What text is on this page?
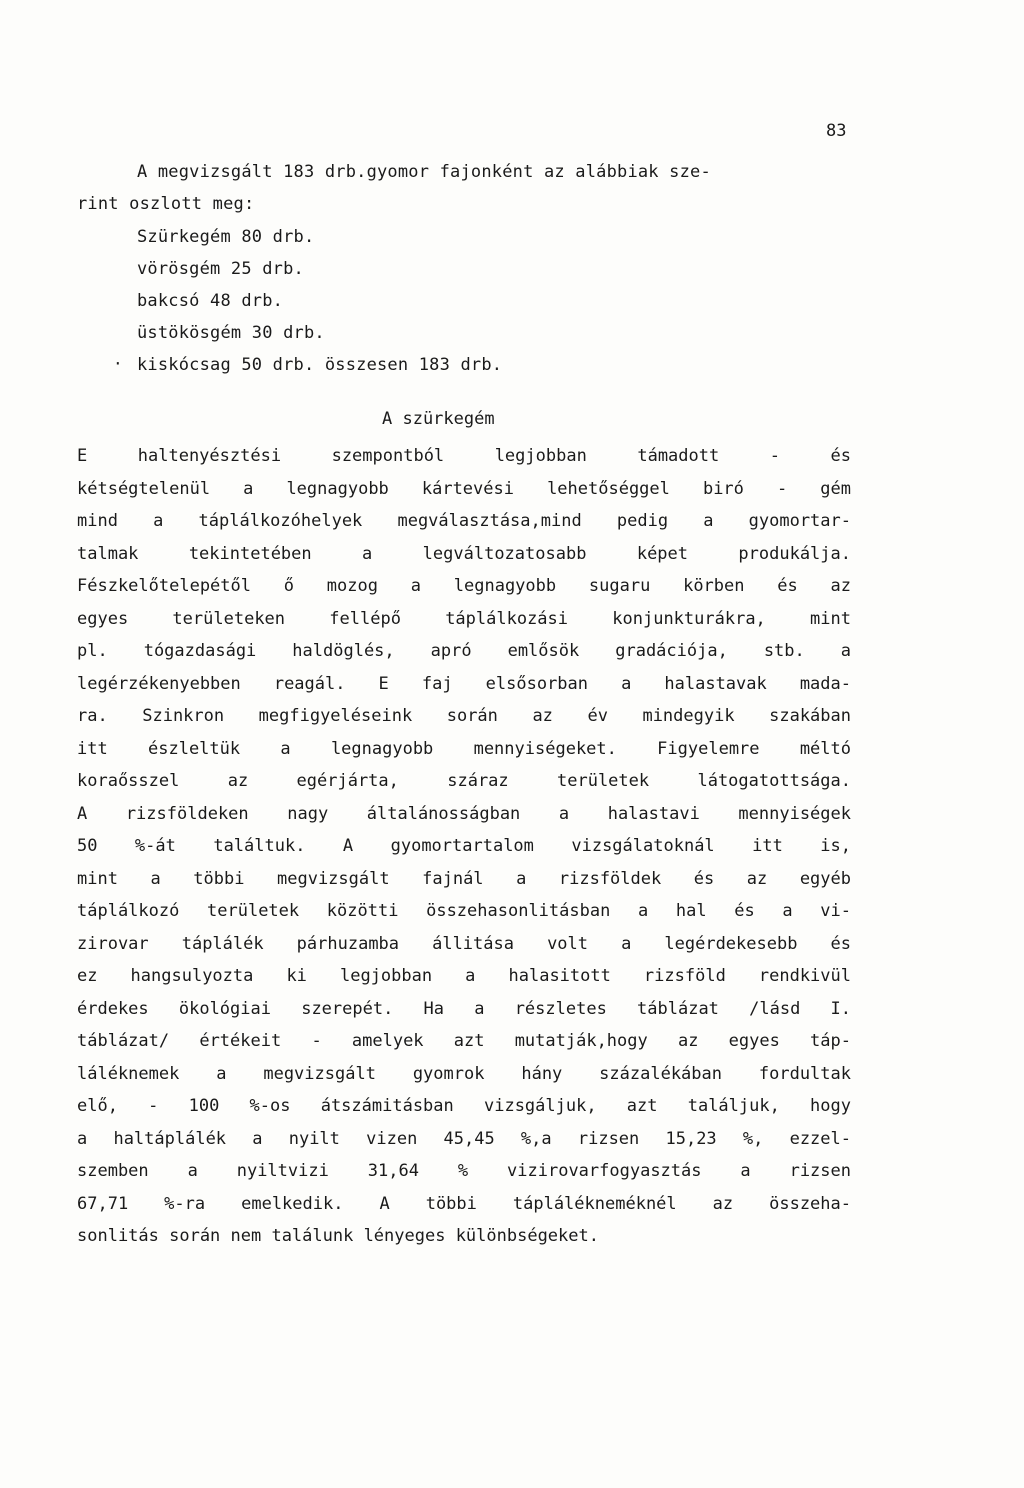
83
A megvizsgált 183 drb.gyomor fajonként az alábbiak sze-
rint oszlott meg:
Szürkegém 80 drb.
vörösgém 25 drb.
bakcsó 48 drb.
üstökösgém 30 drb.
kiskócsag 50 drb. összesen 183 drb.
·
A szürkegém
E haltenyésztési szempontból legjobban támadott - és
kétségtelenül a legnagyobb kártevési lehetőséggel biró - gém
mind a táplálkozóhelyek megválasztása,mind pedig a gyomortar-
talmak tekintetében a legváltozatosabb képet produkálja.
Fészkelőtelepétől ő mozog a legnagyobb sugaru körben és az
egyes területeken fellépő táplálkozási konjunkturákra, mint
pl. tógazdasági haldöglés, apró emlősök gradációja, stb. a
legérzékenyebben reagál. E faj elsősorban a halastavak mada-
ra. Szinkron megfigyeléseink során az év mindegyik szakában
itt észleltük a legnagyobb mennyiségeket. Figyelemre méltó
koraősszel az egérjárta, száraz területek látogatottsága.
A rizsföldeken nagy általánosságban a halastavi mennyiségek
50 %-át találtuk. A gyomortartalom vizsgálatoknál itt is,
mint a többi megvizsgált fajnál a rizsföldek és az egyéb
táplálkozó területek közötti összehasonlitásban a hal és a vi-
zirovar táplálék párhuzamba állitása volt a legérdekesebb és
ez hangsulyozta ki legjobban a halasitott rizsföld rendkivül
érdekes ökológiai szerepét. Ha a részletes táblázat /lásd I.
táblázat/ értékeit - amelyek azt mutatják,hogy az egyes táp-
láléknemek a megvizsgált gyomrok hány százalékában fordultak
elő, - 100 %-os átszámitásban vizsgáljuk, azt találjuk, hogy
a haltáplálék a nyilt vizen 45,45 %,a rizsen 15,23 %, ezzel-
szemben a nyiltvizi 31,64 % vizirovarfogyasztás a rizsen
67,71 %-ra emelkedik. A többi táplálékneméknél az összeha-
sonlitás során nem találunk lényeges különbségeket.
